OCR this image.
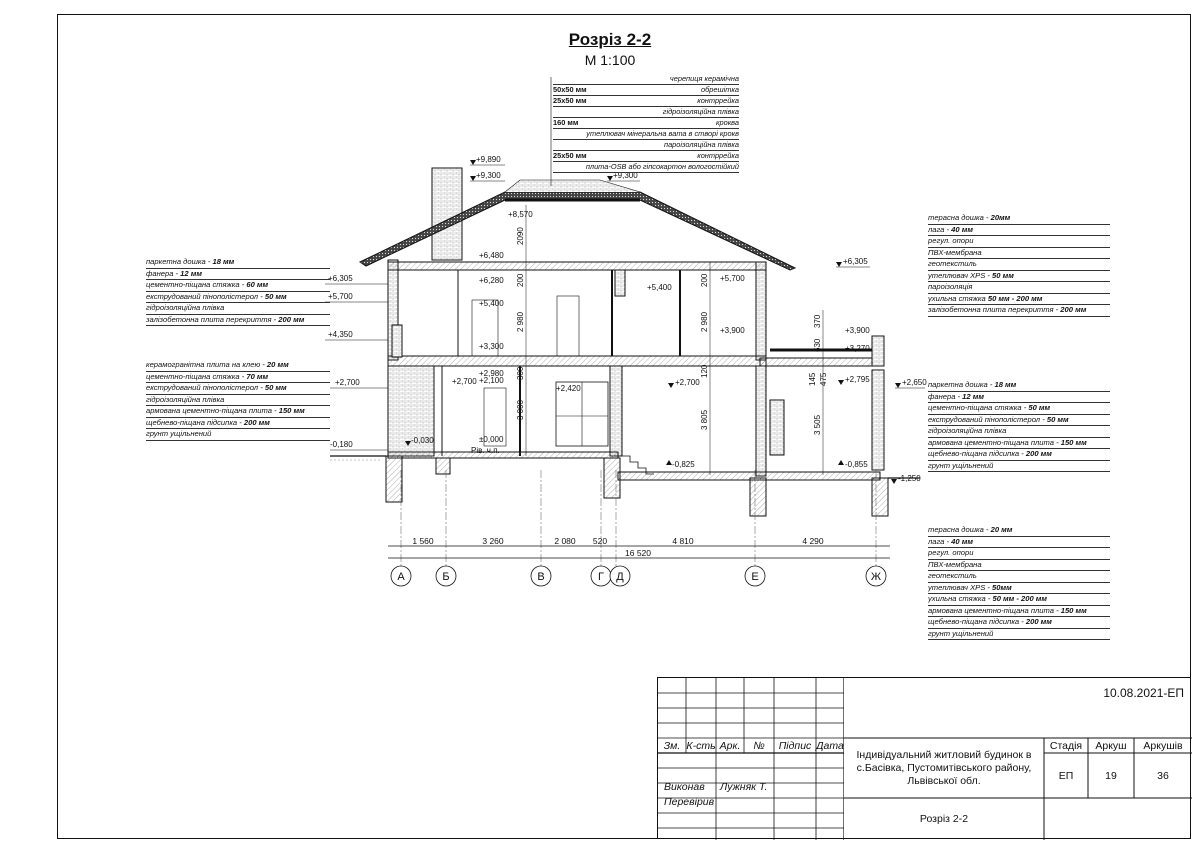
Розріз 2-2
М 1:100
1 560	3 260	2 080 520	4 810	4 290
16 520
А	Б	В	Г Д	Е	Ж
2090
200
2 980
300
3 000
200
2 980
120
3 805
370
630
145 475
3 505
+9,890
+9,300	+9,300
+8,570
+6,480
+6,280
+6,305
+6,305
+5,700
+5,700
+5,400
+5,400
+4,350	+3,900	+3,900
+3,300	+3,270
+2,980
+2,700	+2,700 +2,100	+2,700	+2,795	+2,650
+2,420
±0,000
-0,030
-0,180
Рів. ч.п.
-0,825	-0,855
-1,250
паркетна дошка - 18 мм
фанера - 12 мм
цементно-піщана стяжка - 60 мм
екструдований пінополістерол - 50 мм
гідроізоляційна плівка
залізобетонна плита перекриття - 200 мм
керамогранітна плита на клею - 20 мм
цементно-піщана стяжка - 70 мм
екструдований пінополістерол - 50 мм
гідроізоляційна плівка
армована цементно-піщана плита - 150 мм
щебнево-піщана підсипка - 200 мм
грунт ущільнений
терасна дошка - 20мм
лага - 40 мм
регул. опори
ПВХ-мембрана
геотекстиль
утеплювач XPS - 50 мм
пароізоляція
ухильна стяжка 50 мм - 200 мм
залізобетонна плита перекриття - 200 мм
паркетна дошка - 18 мм
фанера - 12 мм
цементно-піщана стяжка - 50 мм
екструдований пінополістерол - 50 мм
гідроізоляційна плівка
армована цементно-піщана плита - 150 мм
щебнево-піщана підсипка - 200 мм
грунт ущільнений
терасна дошка - 20 мм
лага - 40 мм
регул. опори
ПВХ-мембрана
геотекстиль
утеплювач XPS - 50мм
ухильна стяжка - 50 мм - 200 мм
армована цементно-піщана плита - 150 мм
щебнево-піщана підсипка - 200 мм
грунт ущільнений
черепиця керамічна
50х50 мм	обрешітка
25х50 мм	контррейка
гідроізоляційна плівка
160 мм	кроква
утеплювач мінеральна вата в створі крокв
пароізоляційна плівка
25х50 мм	контррейка
плита-OSB або гіпсокартон вологостійкий
Зм. К-сть Арк.	№	Підпис Дата
Виконав	Лужняк Т.
Перевірив
10.08.2021-ЕП
Індивідуальний житловий будинок в с.Басівка, Пустомитівського району, Львівської обл.
Стадія	Аркуш	Аркушів
ЕП	19	36
Розріз 2-2
